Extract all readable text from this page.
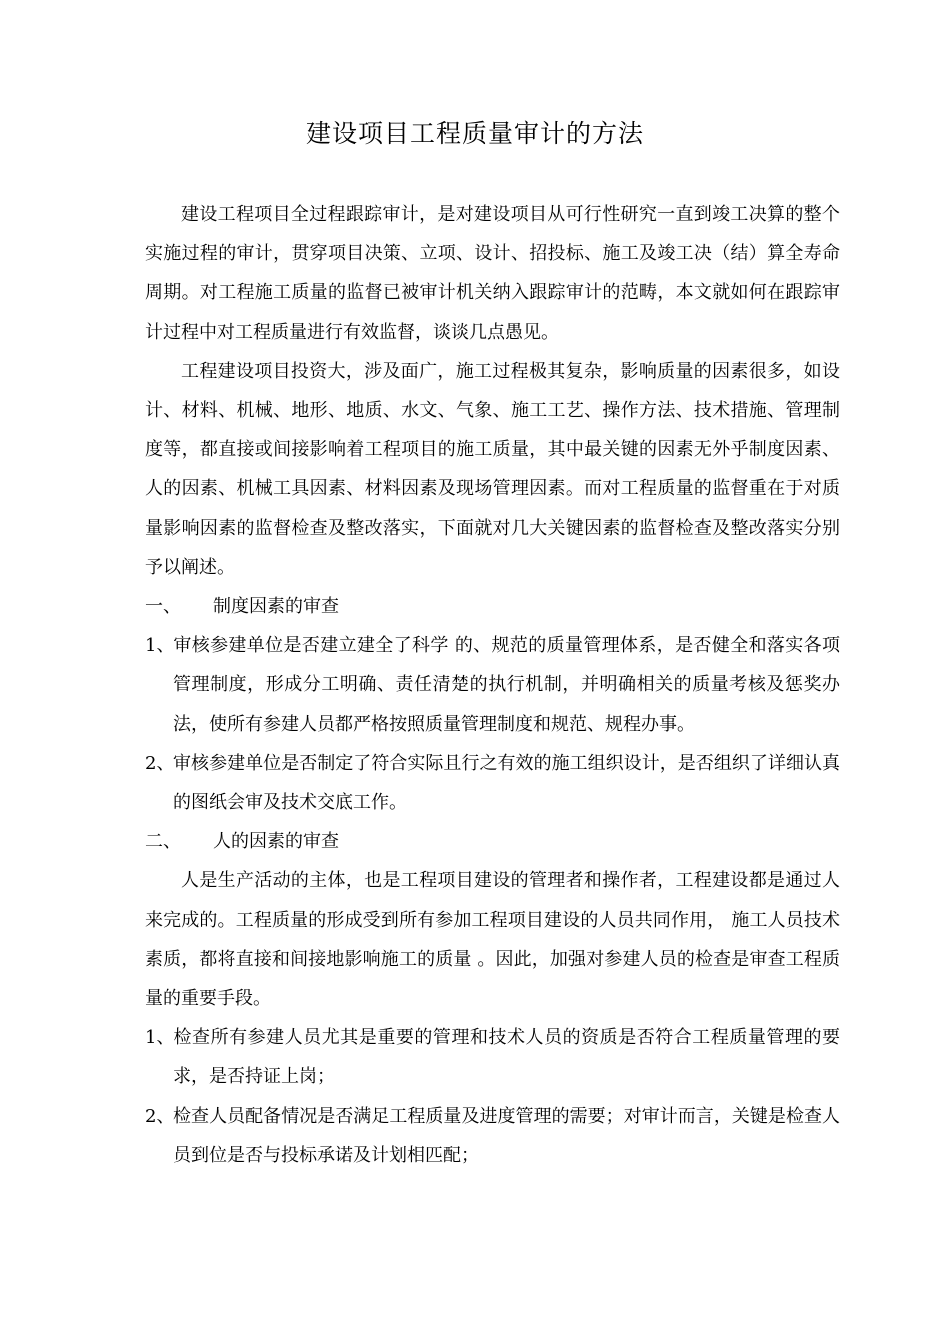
建设项目工程质量审计的方法

建设工程项目全过程跟踪审计，是对建设项目从可行性研究一直到竣工决算的整个实施过程的审计，贯穿项目决策、立项、设计、招投标、施工及竣工决（结）算全寿命周期。对工程施工质量的监督已被审计机关纳入跟踪审计的范畴，本文就如何在跟踪审计过程中对工程质量进行有效监督，谈谈几点愚见。

工程建设项目投资大，涉及面广，施工过程极其复杂，影响质量的因素很多，如设计、材料、机械、地形、地质、水文、气象、施工工艺、操作方法、技术措施、管理制度等，都直接或间接影响着工程项目的施工质量，其中最关键的因素无外乎制度因素、人的因素、机械工具因素、材料因素及现场管理因素。而对工程质量的监督重在于对质量影响因素的监督检查及整改落实，下面就对几大关键因素的监督检查及整改落实分别予以阐述。

一、 制度因素的审查

1、审核参建单位是否建立建全了科学 的、规范的质量管理体系，是否健全和落实各项管理制度，形成分工明确、责任清楚的执行机制，并明确相关的质量考核及惩奖办法，使所有参建人员都严格按照质量管理制度和规范、规程办事。

2、审核参建单位是否制定了符合实际且行之有效的施工组织设计，是否组织了详细认真的图纸会审及技术交底工作。

二、 人的因素的审查

人是生产活动的主体，也是工程项目建设的管理者和操作者，工程建设都是通过人来完成的。工程质量的形成受到所有参加工程项目建设的人员共同作用， 施工人员技术素质，都将直接和间接地影响施工的质量 。因此，加强对参建人员的检查是审查工程质量的重要手段。

1、检查所有参建人员尤其是重要的管理和技术人员的资质是否符合工程质量管理的要求，是否持证上岗；

2、检查人员配备情况是否满足工程质量及进度管理的需要；对审计而言，关键是检查人员到位是否与投标承诺及计划相匹配；
